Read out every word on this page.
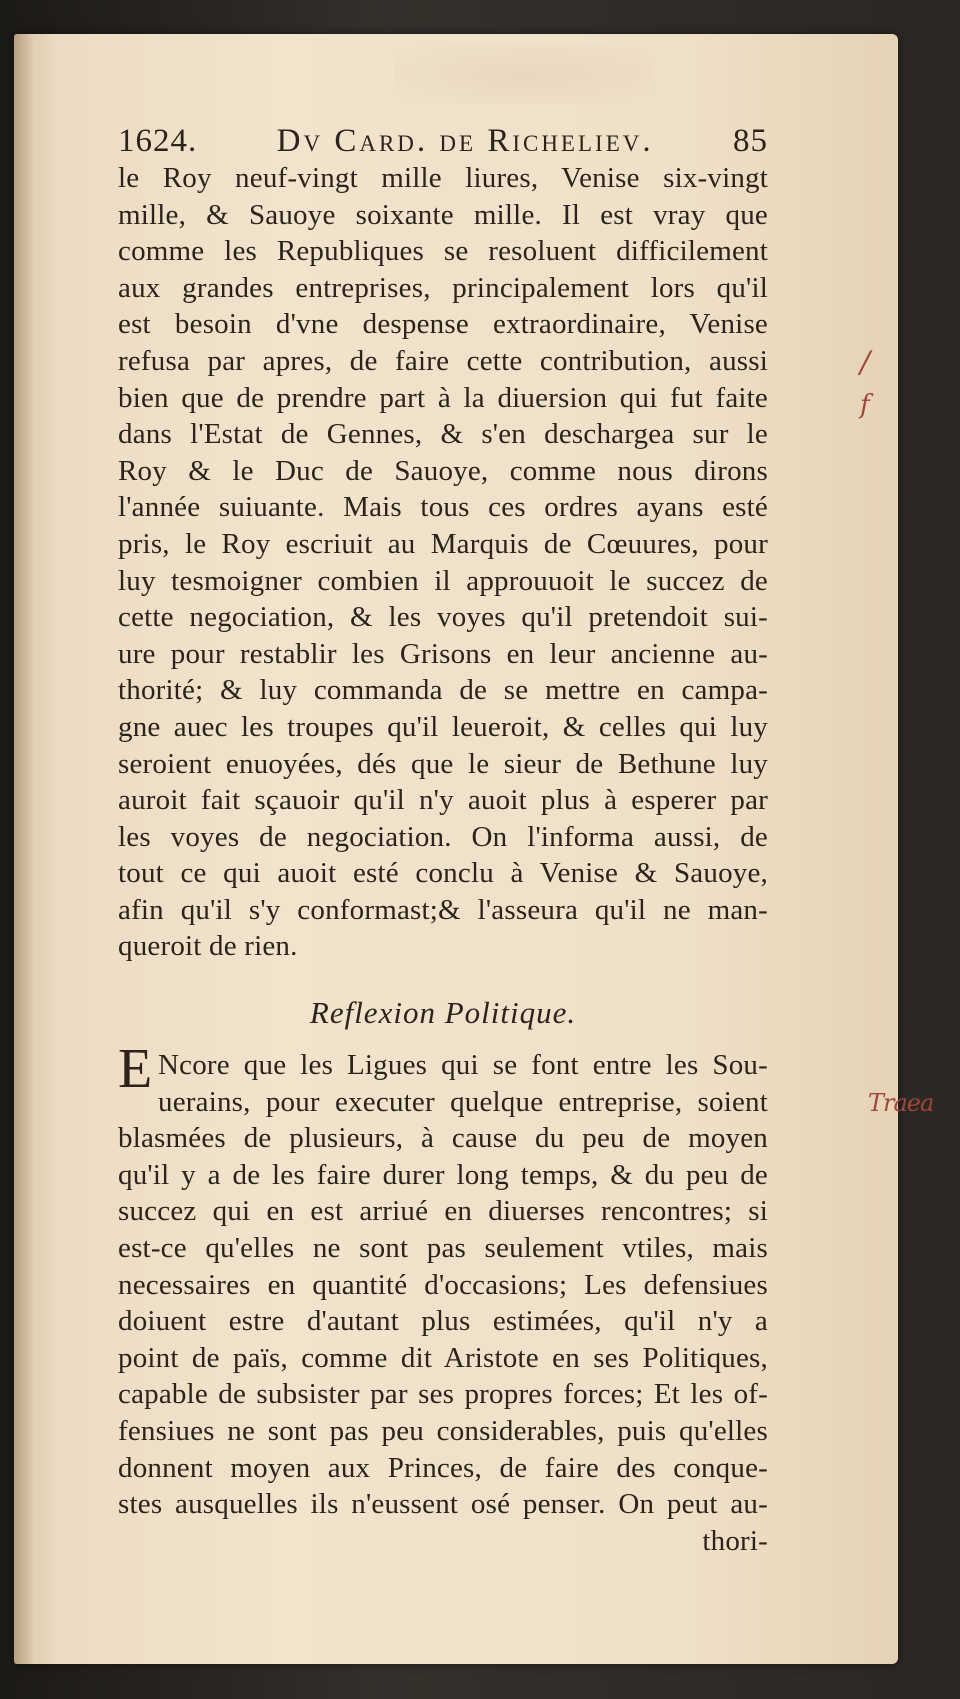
1624.	Dv Card. de Richeliev.	85
le Roy neuf-vingt mille liures, Venise six-vingt
mille, & Sauoye soixante mille. Il est vray que
comme les Republiques se resoluent difficilement
aux grandes entreprises, principalement lors qu'il
est besoin d'vne despense extraordinaire, Venise
refusa par apres, de faire cette contribution, aussi
bien que de prendre part à la diuersion qui fut faite
dans l'Estat de Gennes, & s'en deschargea sur le
Roy & le Duc de Sauoye, comme nous dirons
l'année suiuante. Mais tous ces ordres ayans esté
pris, le Roy escriuit au Marquis de Cœuures, pour
luy tesmoigner combien il approuuoit le succez de
cette negociation, & les voyes qu'il pretendoit sui-
ure pour restablir les Grisons en leur ancienne au-
thorité; & luy commanda de se mettre en campa-
gne auec les troupes qu'il leueroit, & celles qui luy
seroient enuoyées, dés que le sieur de Bethune luy
auroit fait sçauoir qu'il n'y auoit plus à esperer par
les voyes de negociation. On l'informa aussi, de
tout ce qui auoit esté conclu à Venise & Sauoye,
afin qu'il s'y conformast;& l'asseura qu'il ne man-
queroit de rien.
Reflexion Politique.
E Ncore que les Ligues qui se font entre les Sou-
uerains, pour executer quelque entreprise, soient
blasmées de plusieurs, à cause du peu de moyen
qu'il y a de les faire durer long temps, & du peu de
succez qui en est arriué en diuerses rencontres; si
est-ce qu'elles ne sont pas seulement vtiles, mais
necessaires en quantité d'occasions; Les defensiues
doiuent estre d'autant plus estimées, qu'il n'y a
point de païs, comme dit Aristote en ses Politiques,
capable de subsister par ses propres forces; Et les of-
fensiues ne sont pas peu considerables, puis qu'elles
donnent moyen aux Princes, de faire des conque-
stes ausquelles ils n'eussent osé penser. On peut au-
thori-
/
f
Traea
